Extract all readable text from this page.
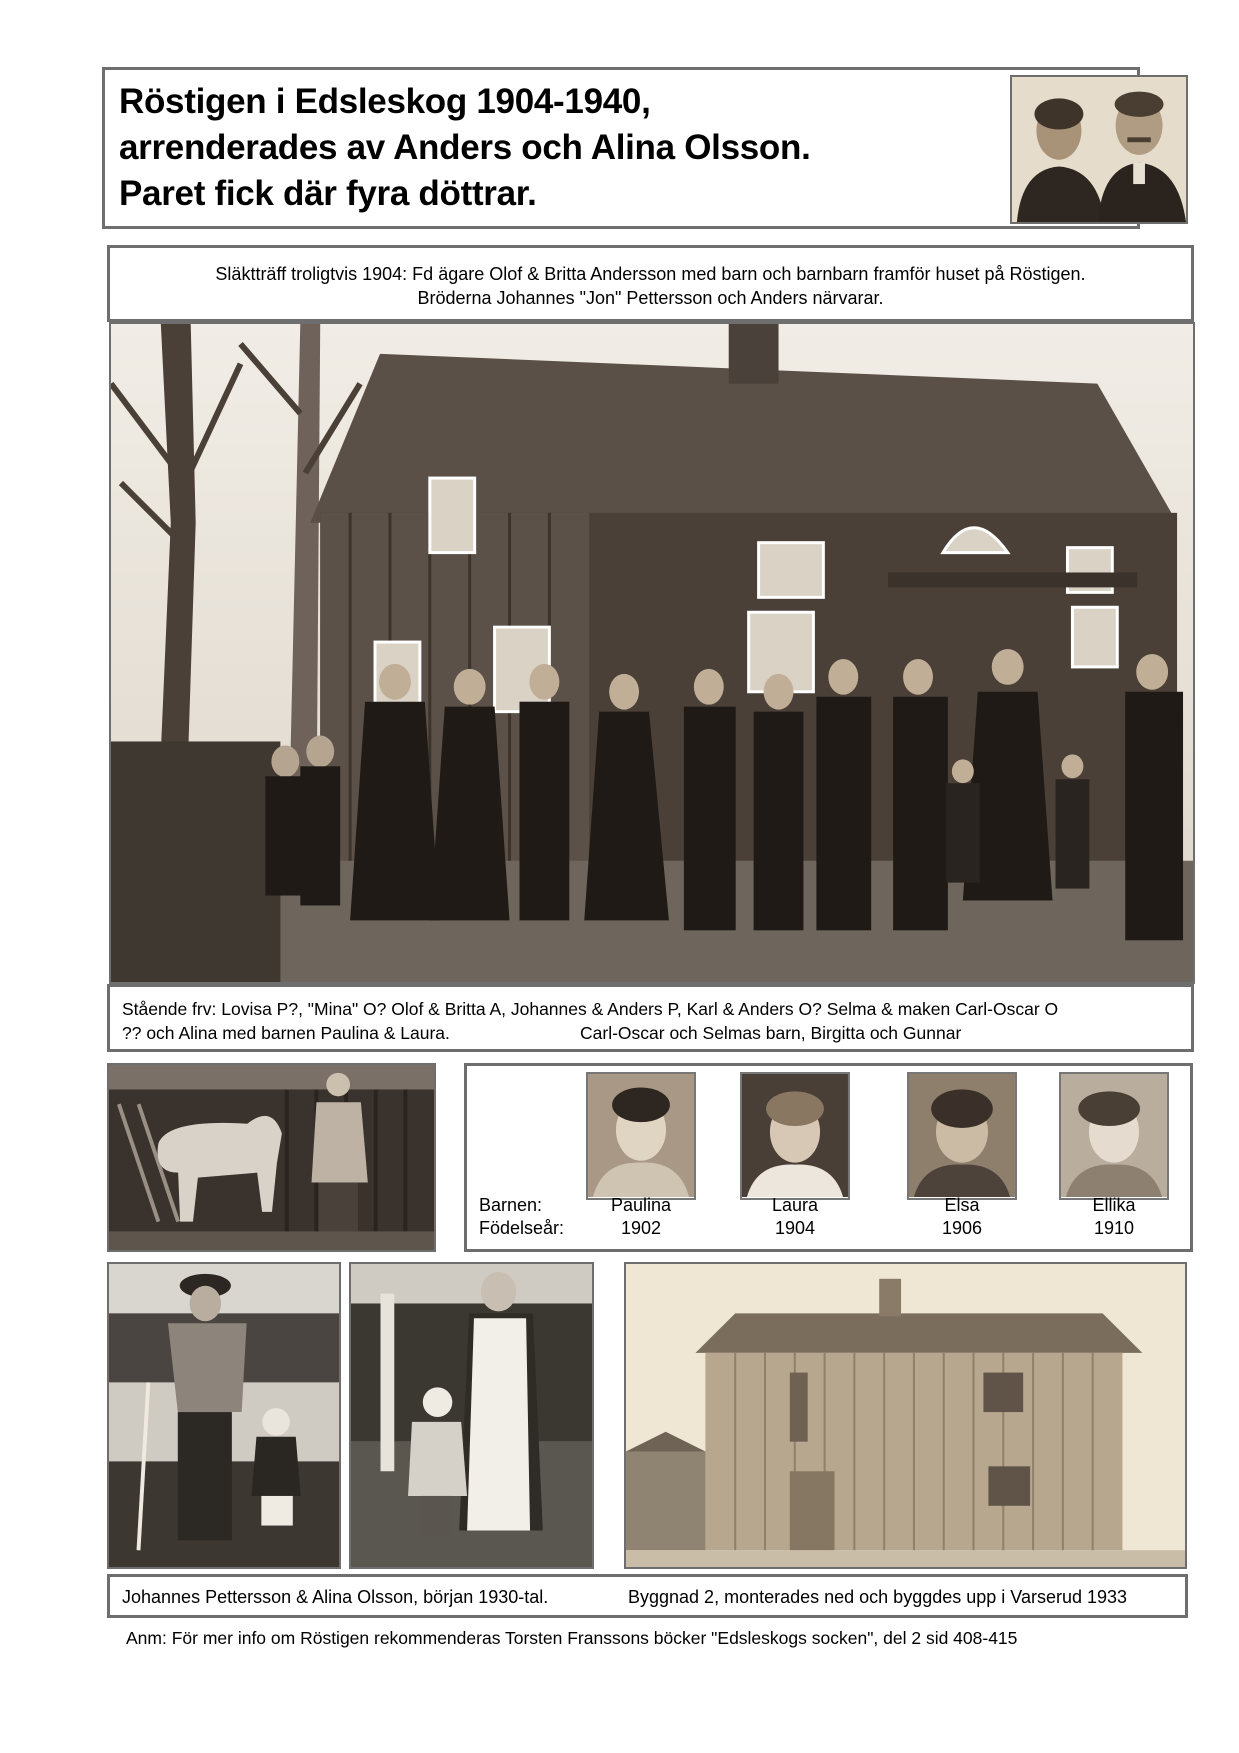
Röstigen i Edsleskog 1904-1940,
arrenderades av Anders och Alina Olsson.
Paret fick där fyra döttrar.
Släktträff troligtvis 1904: Fd ägare Olof & Britta Andersson med barn och barnbarn framför huset på Röstigen.
Bröderna Johannes "Jon" Pettersson och Anders närvarar.
Stående frv: Lovisa P?, "Mina" O? Olof & Britta A, Johannes & Anders P, Karl & Anders O? Selma & maken Carl-Oscar O
?? och Alina med barnen Paulina & Laura.	Carl-Oscar och Selmas barn, Birgitta och Gunnar
Barnen:
Födelseår:
Paulina
1902
Laura
1904
Elsa
1906
Ellika
1910
Johannes Pettersson & Alina Olsson, början 1930-tal.	Byggnad 2, monterades ned och byggdes upp i Varserud 1933
Anm: För mer info om Röstigen rekommenderas Torsten Franssons böcker "Edsleskogs socken", del 2 sid 408-415
